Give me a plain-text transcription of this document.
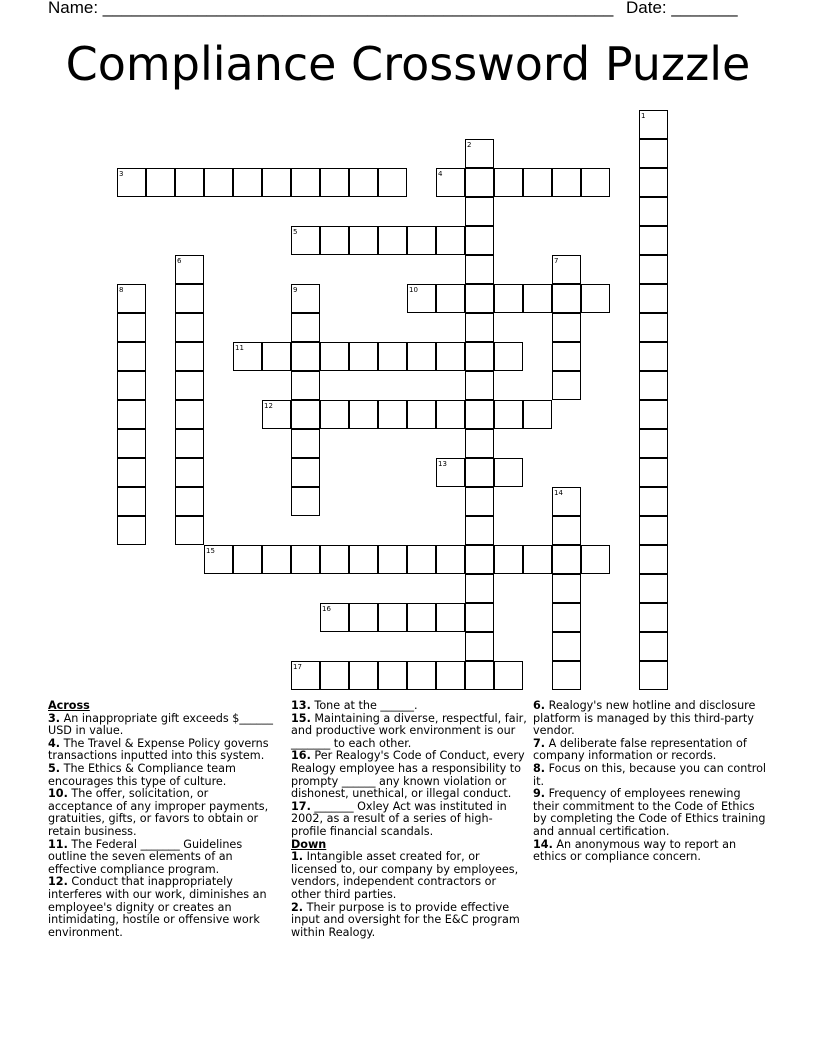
Name: ______________________________________________________ Date: _______
Compliance Crossword Puzzle
1
2
3	4
5
6	7
8	9	10
11
12
13
14
15
16
17

Across

3. An inappropriate gift exceeds $______ USD in value.

4. The Travel & Expense Policy governs transactions inputted into this system.

5. The Ethics & Compliance team encourages this type of culture.

10. The offer, solicitation, or acceptance of any improper payments, gratuities, gifts, or favors to obtain or retain business.

11. The Federal _______ Guidelines outline the seven elements of an effective compliance program.

12. Conduct that inappropriately interferes with our work, diminishes an employee's dignity or creates an intimidating, hostile or offensive work environment.

13. Tone at the ______.

15. Maintaining a diverse, respectful, fair, and productive work environment is our _______ to each other.

16. Per Realogy's Code of Conduct, every Realogy employee has a responsibility to prompty ______ any known violation or dishonest, unethical, or illegal conduct.

17. _______ Oxley Act was instituted in 2002, as a result of a series of high-profile financial scandals.

Down

1. Intangible asset created for, or licensed to, our company by employees, vendors, independent contractors or other third parties.

2. Their purpose is to provide effective input and oversight for the E&C program within Realogy.

6. Realogy's new hotline and disclosure platform is managed by this third-party vendor.

7. A deliberate false representation of company information or records.

8. Focus on this, because you can control it.

9. Frequency of employees renewing their commitment to the Code of Ethics by completing the Code of Ethics training and annual certification.

14. An anonymous way to report an ethics or compliance concern.
